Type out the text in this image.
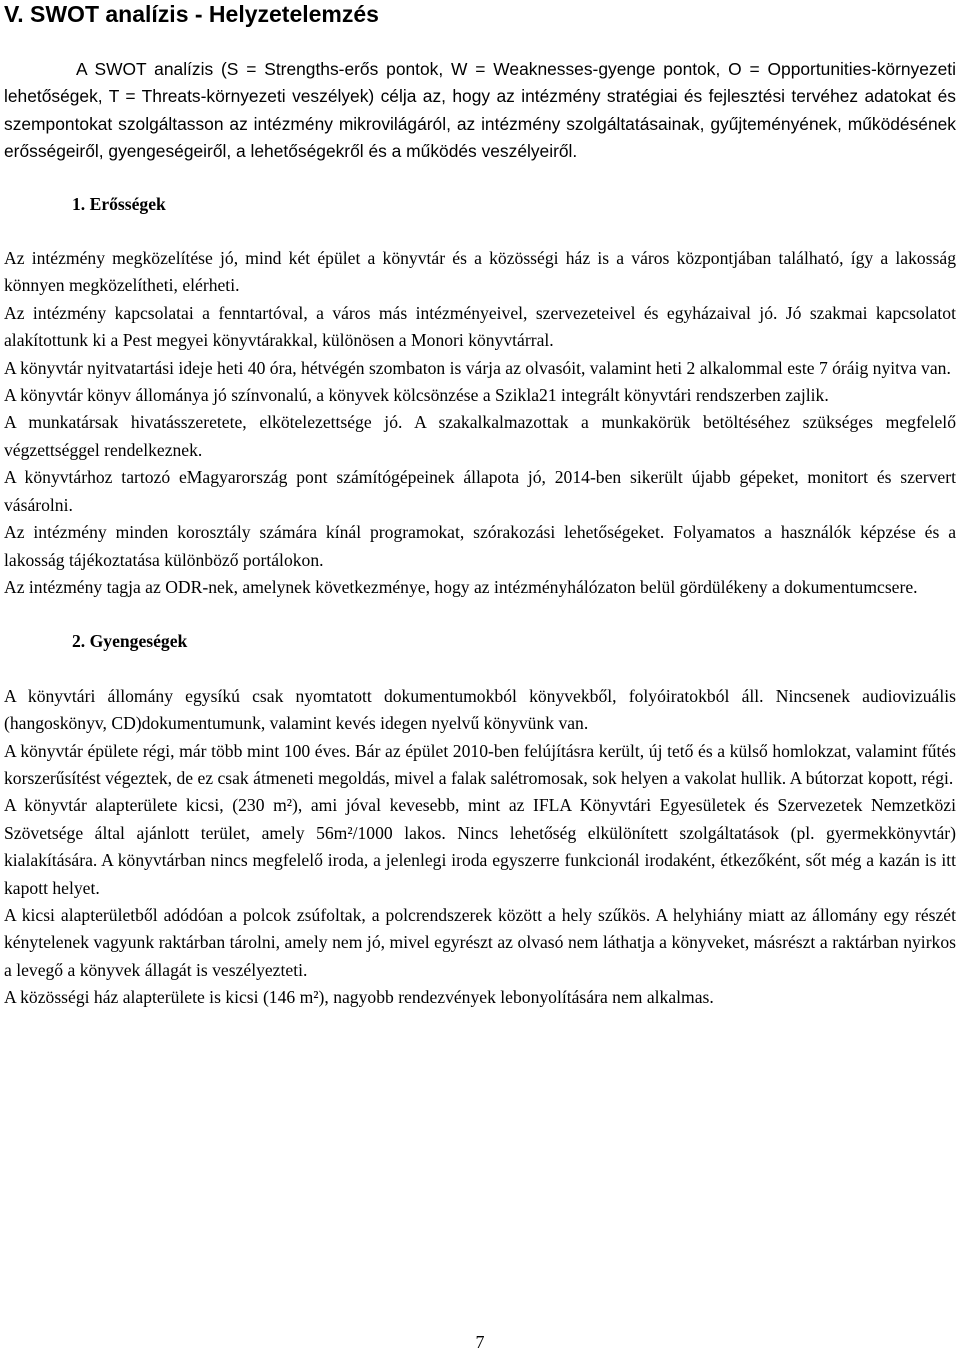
V. SWOT analízis - Helyzetelemzés

A SWOT analízis (S = Strengths-erős pontok, W = Weaknesses-gyenge pontok, O = Opportunities-környezeti lehetőségek, T = Threats-környezeti veszélyek) célja az, hogy az intézmény stratégiai és fejlesztési tervéhez adatokat és szempontokat szolgáltasson az intézmény mikrovilágáról, az intézmény szolgáltatásainak, gyűjteményének, működésének erősségeiről, gyengeségeiről, a lehetőségekről és a működés veszélyeiről.

1. Erősségek

Az intézmény megközelítése jó, mind két épület a könyvtár és a közösségi ház is a város központjában található, így a lakosság könnyen megközelítheti, elérheti.

Az intézmény kapcsolatai a fenntartóval, a város más intézményeivel, szervezeteivel és egyházaival jó. Jó szakmai kapcsolatot alakítottunk ki a Pest megyei könyvtárakkal, különösen a Monori könyvtárral.

A könyvtár nyitvatartási ideje heti 40 óra, hétvégén szombaton is várja az olvasóit, valamint heti 2 alkalommal este 7 óráig nyitva van.

A könyvtár könyv állománya jó színvonalú, a könyvek kölcsönzése a Szikla21 integrált könyvtári rendszerben zajlik.

A munkatársak hivatásszeretete, elkötelezettsége jó. A szakalkalmazottak a munkakörük betöltéséhez szükséges megfelelő végzettséggel rendelkeznek.

A könyvtárhoz tartozó eMagyarország pont számítógépeinek állapota jó, 2014-ben sikerült újabb gépeket, monitort és szervert vásárolni.

Az intézmény minden korosztály számára kínál programokat, szórakozási lehetőségeket. Folyamatos a használók képzése és a lakosság tájékoztatása különböző portálokon.

Az intézmény tagja az ODR-nek, amelynek következménye, hogy az intézményhálózaton belül gördülékeny a dokumentumcsere.

2. Gyengeségek

A könyvtári állomány egysíkú csak nyomtatott dokumentumokból könyvekből, folyóiratokból áll. Nincsenek audiovizuális (hangoskönyv, CD)dokumentumunk, valamint kevés idegen nyelvű könyvünk van.

A könyvtár épülete régi, már több mint 100 éves. Bár az épület 2010-ben felújításra került, új tető és a külső homlokzat, valamint fűtés korszerűsítést végeztek, de ez csak átmeneti megoldás, mivel a falak salétromosak, sok helyen a vakolat hullik. A bútorzat kopott, régi.

A könyvtár alapterülete kicsi, (230 m²), ami jóval kevesebb, mint az IFLA Könyvtári Egyesületek és Szervezetek Nemzetközi Szövetsége által ajánlott terület, amely 56m²/1000 lakos. Nincs lehetőség elkülönített szolgáltatások (pl. gyermekkönyvtár) kialakítására. A könyvtárban nincs megfelelő iroda, a jelenlegi iroda egyszerre funkcionál irodaként, étkezőként, sőt még a kazán is itt kapott helyet.

A kicsi alapterületből adódóan a polcok zsúfoltak, a polcrendszerek között a hely szűkös. A helyhiány miatt az állomány egy részét kénytelenek vagyunk raktárban tárolni, amely nem jó, mivel egyrészt az olvasó nem láthatja a könyveket, másrészt a raktárban nyirkos a levegő a könyvek állagát is veszélyezteti.

A közösségi ház alapterülete is kicsi (146 m²), nagyobb rendezvények lebonyolítására nem alkalmas.

7
